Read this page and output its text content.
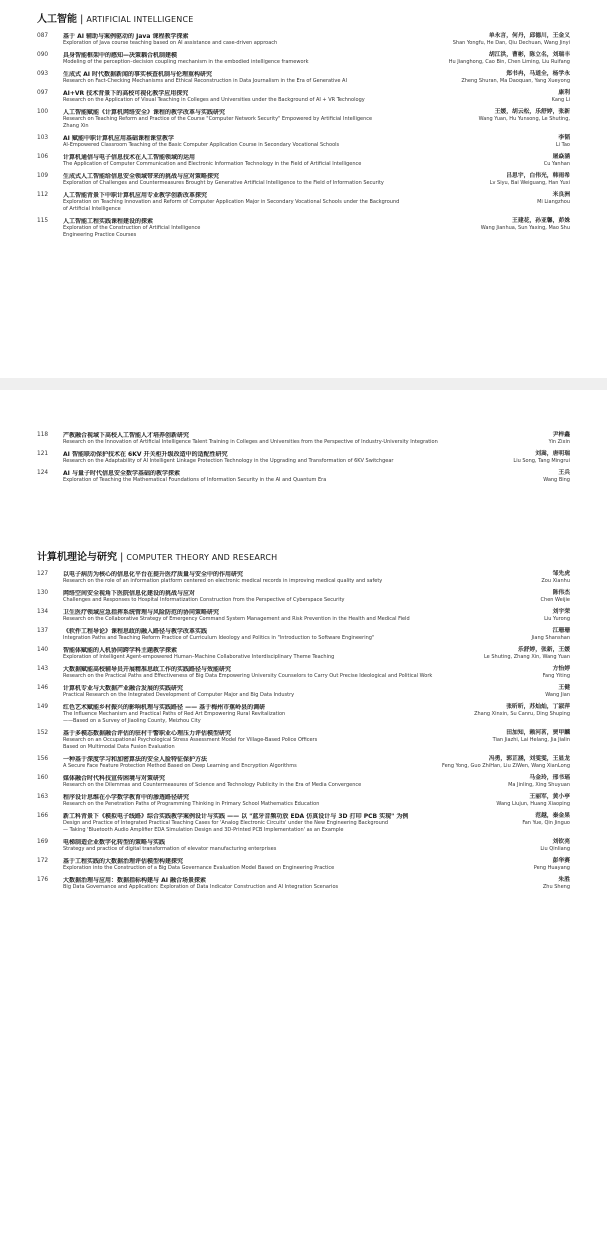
人工智能 | ARTIFICIAL INTELLIGENCE
087	基于 AI 辅助与案例驱动的 Java 课程教学探索
Exploration of Java course teaching based on AI assistance and case-driven approach
单永言，何丹，邱德川，王金义
Shan Yongfu, He Dan, Qiu Dechuan, Wang Jinyi
090	具身智能框架中的感知—决策耦合机制建模
Modeling of the perception–decision coupling mechanism in the embodied intelligence framework
胡江洪，曹彬，陈立名，刘瑞丰
Hu Jianghong, Cao Bin, Chen Liming, Liu Ruifang
093	生成式 AI 时代数据新闻的事实核查机制与伦理重构研究
Research on Fact-Checking Mechanisms and Ethical Reconstruction in Data Journalism in the Era of Generative AI
郑书冉，马道全，杨学永
Zheng Shuran, Ma Daoquan, Yang Xueyong
097	AI+VR 技术背景下的高校可视化教学应用探究
Research on the Application of Visual Teaching in Colleges and Universities under the Background of AI + VR Technology
康利
Kang Li
100	人工智能赋能《计算机网络安全》课程的教学改革与实践研究
Research on Teaching Reform and Practice of the Course "Computer Network Security" Empowered by Artificial Intelligence
Zhang Xin
王媛，胡云松，乐舒婷，张新
Wang Yuan, Hu Yunsong, Le Shuting,
103	AI 赋能中职计算机应用基础课程课堂教学
AI-Empowered Classroom Teaching of the Basic Computer Application Course in Secondary Vocational Schools
李韬
Li Tao
106	计算机通信与电子信息技术在人工智能领域的运用
The Application of Computer Communication and Electronic Information Technology in the Field of Artificial Intelligence
屠焱涵
Cu Yanhan
109	生成式人工智能给信息安全领域带来的挑战与应对策略探究
Exploration of Challenges and Countermeasures Brought by Generative Artificial Intelligence to the Field of Information Security
吕思宇，白伟光，韩雨希
Lv Siyu, Bai Weiguang, Han Yuxi
112	人工智能背景下中职计算机应用专业教学创新改革探究
Exploration on Teaching Innovation and Reform of Computer Application Major in Secondary Vocational Schools under the Background
of Artificial Intelligence
米良洲
Mi Liangzhou
115	人工智能工程实践课程建设的探索
Exploration of the Construction of Artificial Intelligence
Engineering Practice Courses
王建花，孙亚馨，茆姝
Wang Jianhua, Sun Yaxing, Mao Shu
118	产教融合视域下高校人工智能人才培养创新研究
Research on the Innovation of Artificial Intelligence Talent Training in Colleges and Universities from the Perspective of Industry-University Integration
尹梓鑫
Yin Zixin
121	AI 智能联动保护技术在 6KV 开关柜升级改造中的适配性研究
Research on the Adaptability of AI Intelligent Linkage Protection Technology in the Upgrading and Transformation of 6KV Switchgear
刘嵩，唐明瑞
Liu Song, Tang Mingrui
124	AI 与量子时代信息安全数学基础的教学探索
Exploration of Teaching the Mathematical Foundations of Information Security in the AI and Quantum Era
王兵
Wang Bing
计算机理论与研究 | COMPUTER THEORY AND RESEARCH
127	以电子病历为核心的信息化平台在提升医疗质量与安全中的作用研究
Research on the role of an information platform centered on electronic medical records in improving medical quality and safety
邹先虎
Zou Xianhu
130	网络空间安全视角下医院信息化建设的挑战与应对
Challenges and Responses to Hospital Informatization Construction from the Perspective of Cyberspace Security
陈伟杰
Chen Weijie
134	卫生医疗领域应急指挥系统管理与风险防范的协同策略研究
Research on the Collaborative Strategy of Emergency Command System Management and Risk Prevention in the Health and Medical Field
刘宇荣
Liu Yurong
137	《软件工程导论》课程思政的融入路径与教学改革实践
Integration Paths and Teaching Reform Practice of Curriculum Ideology and Politics in "Introduction to Software Engineering"
江珊珊
Jiang Shanshan
140	智能体赋能的人机协同跨学科主题教学探索
Exploration of Intelligent Agent-empowered Human–Machine Collaborative Interdisciplinary Theme Teaching
乐舒婷，张新，王媛
Le Shuting, Zhang Xin, Wang Yuan
143	大数据赋能高校辅导员开展精准思政工作的实践路径与效能研究
Research on the Practical Paths and Effectiveness of Big Data Empowering University Counselors to Carry Out Precise Ideological and Political Work
方怡婷
Fang Yiting
146	计算机专业与大数据产业融合发展的实践研究
Practical Research on the Integrated Development of Computer Major and Big Data Industry
王健
Wang Jian
149	红色艺术赋能乡村振兴的影响机理与实践路径 —— 基于梅州市蕉岭县的调研
The Influence Mechanism and Practical Paths of Red Art Empowering Rural Revitalization
——Based on a Survey of Jiaoling County, Meizhou City
张昕昕，苏灿灿，丁淑萍
Zhang Xinxin, Su Canru, Ding Shuping
152	基于多模态数据融合评估的驻村干警职业心理压力评估模型研究
Research on an Occupational Psychological Stress Assessment Model for Village-Based Police Officers
Based on Multimodal Data Fusion Evaluation
田加知，赖河茗，贾甲麟
Tian Jiazhi, Lai Helang, Jia Jialin
156	一种基于深度学习和加密算法的安全人脸特征保护方法
A Secure Face Feature Protection Method Based on Deep Learning and Encryption Algorithms
冯勇，郭芷涵，刘雯雯，王显龙
Feng Yong, Guo ZhiHan, Liu ZiWen, Wang XianLong
160	媒体融合时代科技宣传困境与对策研究
Research on the Dilemmas and Countermeasures of Science and Technology Publicity in the Era of Media Convergence
马金玲，邢书瑶
Ma Jinling, Xing Shuyuan
163	程序设计思维在小学数学教育中的渗透路径研究
Research on the Penetration Paths of Programming Thinking in Primary School Mathematics Education
王丽军，黄小亭
Wang Liujun, Huang Xiaoping
166	新工科背景下《模拟电子线路》综合实践教学案例设计与实践 —— 以 "蓝牙音频功放 EDA 仿真设计与 3D 打印 PCB 实现" 为例
Design and Practice of Integrated Practical Teaching Cases for 'Analog Electronic Circuits' under the New Engineering Background
— Taking 'Bluetooth Audio Amplifier EDA Simulation Design and 3D-Printed PCB Implementation' as an Example
范越，秦金果
Fan Yue, Qin Jinguo
169	电梯制造企业数字化转型的策略与实践
Strategy and practice of digital transformation of elevator manufacturing enterprises
刘钦亮
Liu Qinliang
172	基于工程实践的大数据治理评估模型构建探究
Exploration into the Construction of a Big Data Governance Evaluation Model Based on Engineering Practice
彭华赛
Peng Huayang
176	大数据治理与应用：数据指标构建与 AI 融合场景探索
Big Data Governance and Application: Exploration of Data Indicator Construction and AI Integration Scenarios
朱胜
Zhu Sheng
